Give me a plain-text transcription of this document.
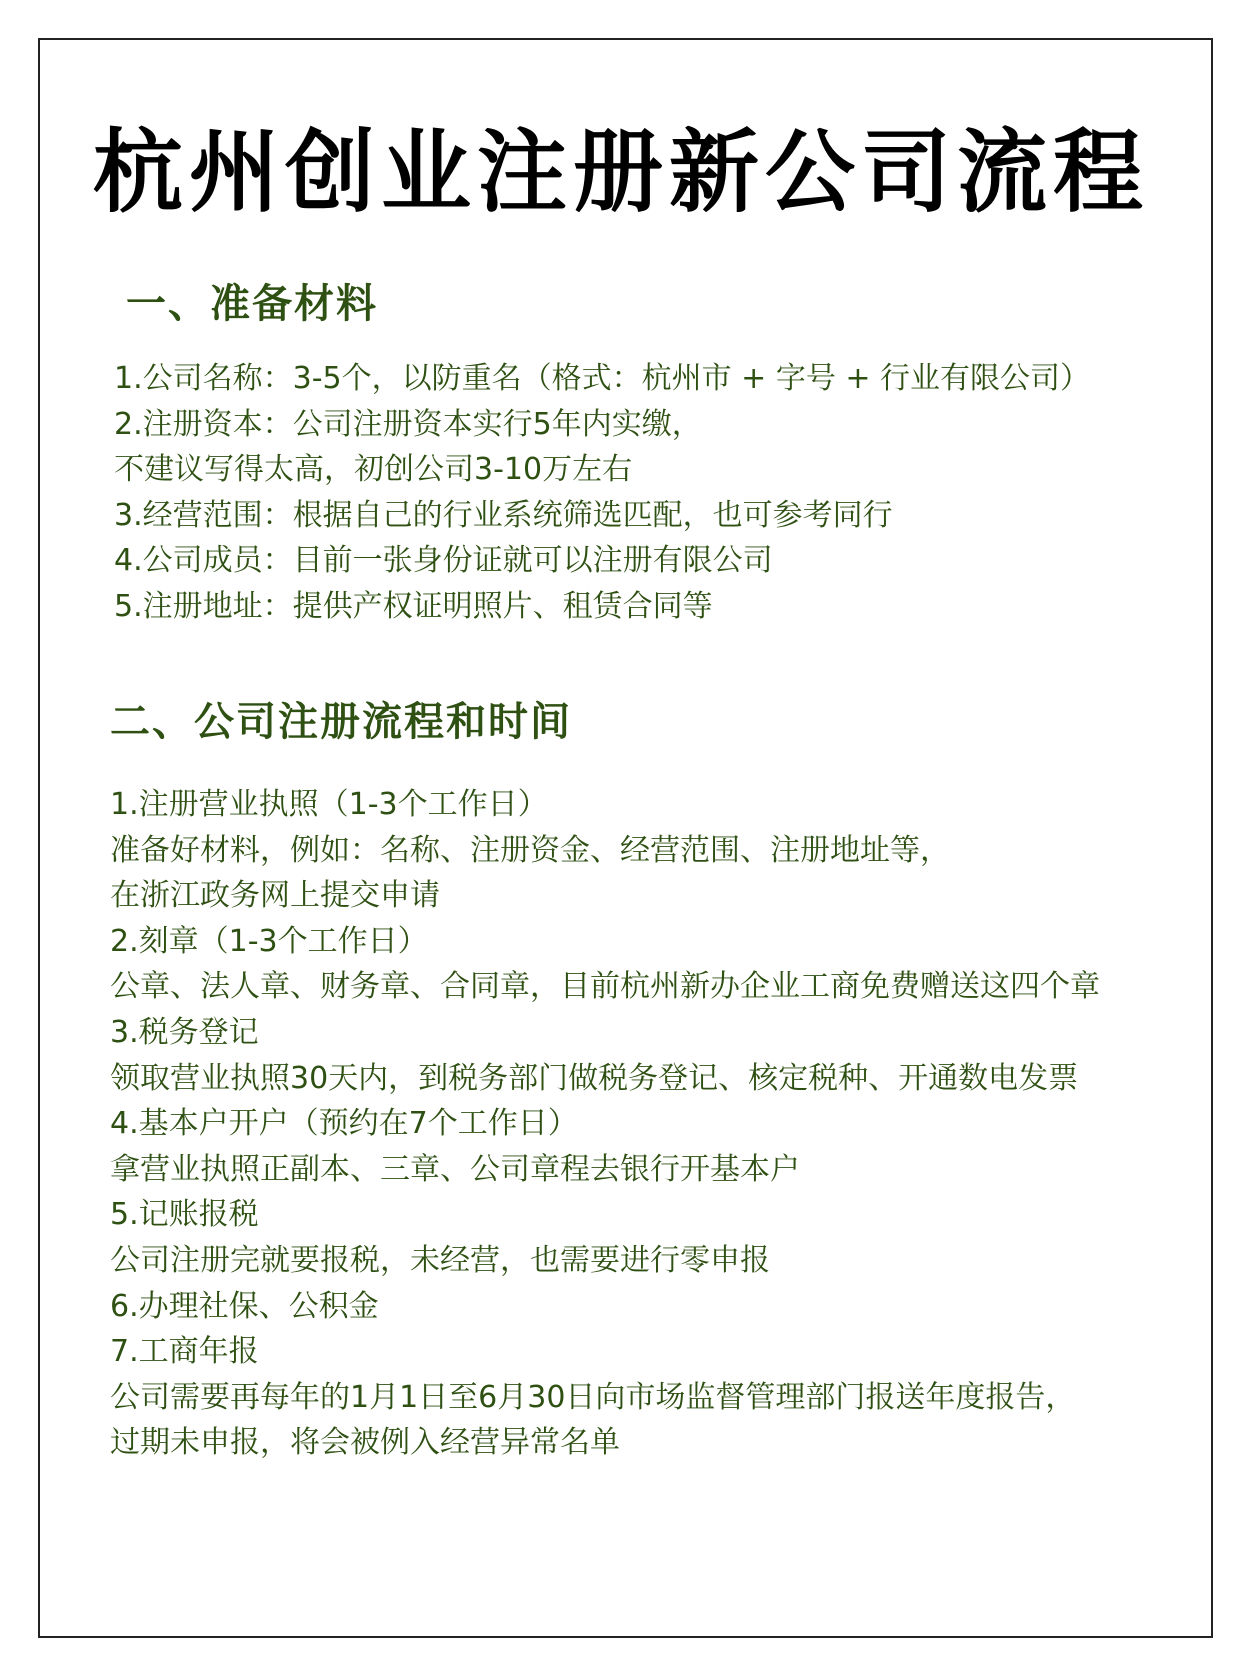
杭州创业注册新公司流程
一、准备材料
1.公司名称：3-5个，以防重名（格式：杭州市 + 字号 + 行业有限公司）
2.注册资本：公司注册资本实行5年内实缴，
不建议写得太高，初创公司3-10万左右
3.经营范围：根据自己的行业系统筛选匹配，也可参考同行
4.公司成员：目前一张身份证就可以注册有限公司
5.注册地址：提供产权证明照片、租赁合同等
二、公司注册流程和时间
1.注册营业执照（1-3个工作日）
准备好材料，例如：名称、注册资金、经营范围、注册地址等，
在浙江政务网上提交申请
2.刻章（1-3个工作日）
公章、法人章、财务章、合同章，目前杭州新办企业工商免费赠送这四个章
3.税务登记
领取营业执照30天内，到税务部门做税务登记、核定税种、开通数电发票
4.基本户开户（预约在7个工作日）
拿营业执照正副本、三章、公司章程去银行开基本户
5.记账报税
公司注册完就要报税，未经营，也需要进行零申报
6.办理社保、公积金
7.工商年报
公司需要再每年的1月1日至6月30日向市场监督管理部门报送年度报告，
过期未申报，将会被例入经营异常名单
